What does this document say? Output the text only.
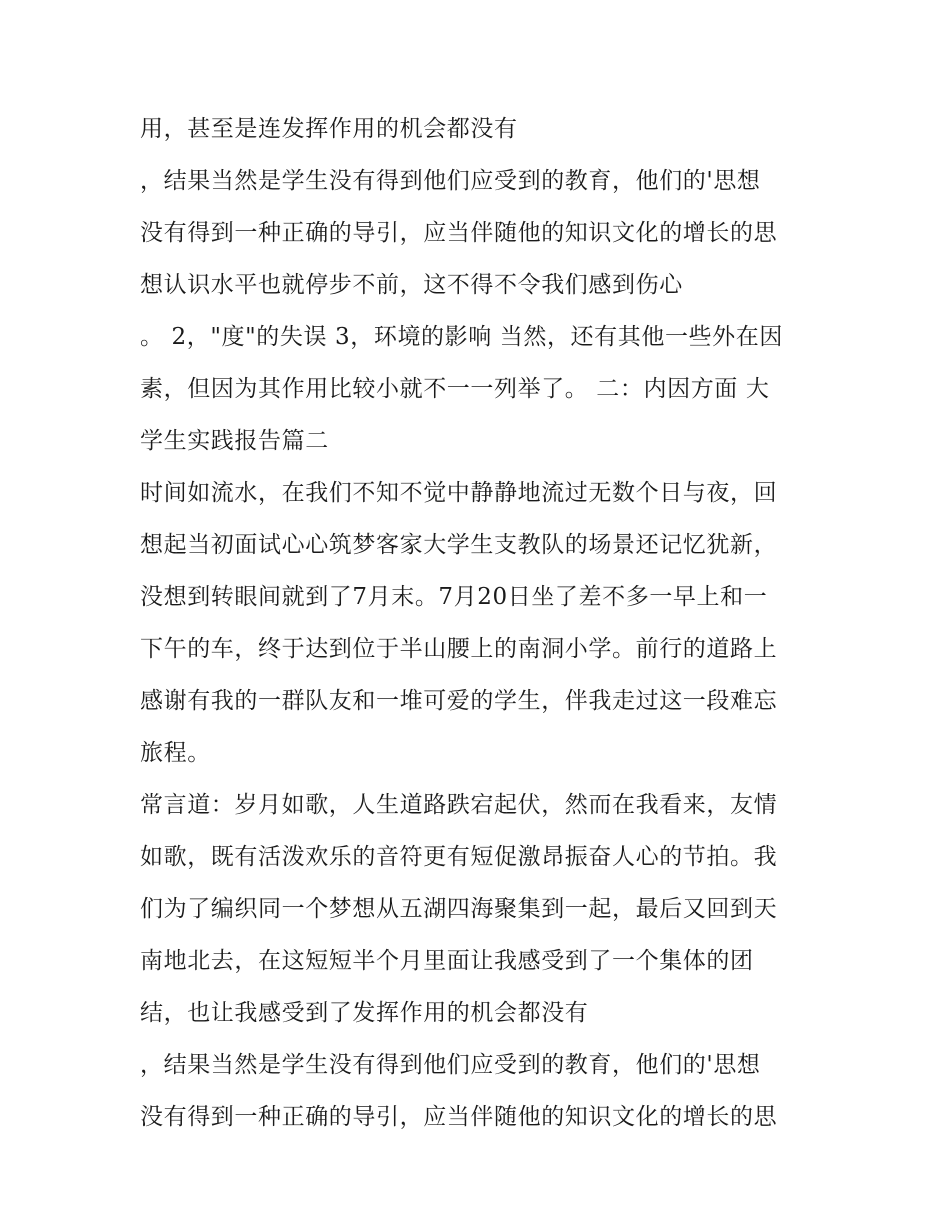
用，甚至是连发挥作用的机会都没有
，结果当然是学生没有得到他们应受到的教育，他们的'思想
没有得到一种正确的导引，应当伴随他的知识文化的增长的思
想认识水平也就停步不前，这不得不令我们感到伤心
。 2，"度"的失误 3，环境的影响 当然，还有其他一些外在因
素，但因为其作用比较小就不一一列举了。 二：内因方面 大
学生实践报告篇二
时间如流水，在我们不知不觉中静静地流过无数个日与夜，回
想起当初面试心心筑梦客家大学生支教队的场景还记忆犹新，
没想到转眼间就到了7月末。7月20日坐了差不多一早上和一
下午的车，终于达到位于半山腰上的南洞小学。前行的道路上
感谢有我的一群队友和一堆可爱的学生，伴我走过这一段难忘
旅程。
常言道：岁月如歌，人生道路跌宕起伏，然而在我看来，友情
如歌，既有活泼欢乐的音符更有短促激昂振奋人心的节拍。我
们为了编织同一个梦想从五湖四海聚集到一起，最后又回到天
南地北去，在这短短半个月里面让我感受到了一个集体的团
结，也让我感受到了发挥作用的机会都没有
，结果当然是学生没有得到他们应受到的教育，他们的'思想
没有得到一种正确的导引，应当伴随他的知识文化的增长的思
